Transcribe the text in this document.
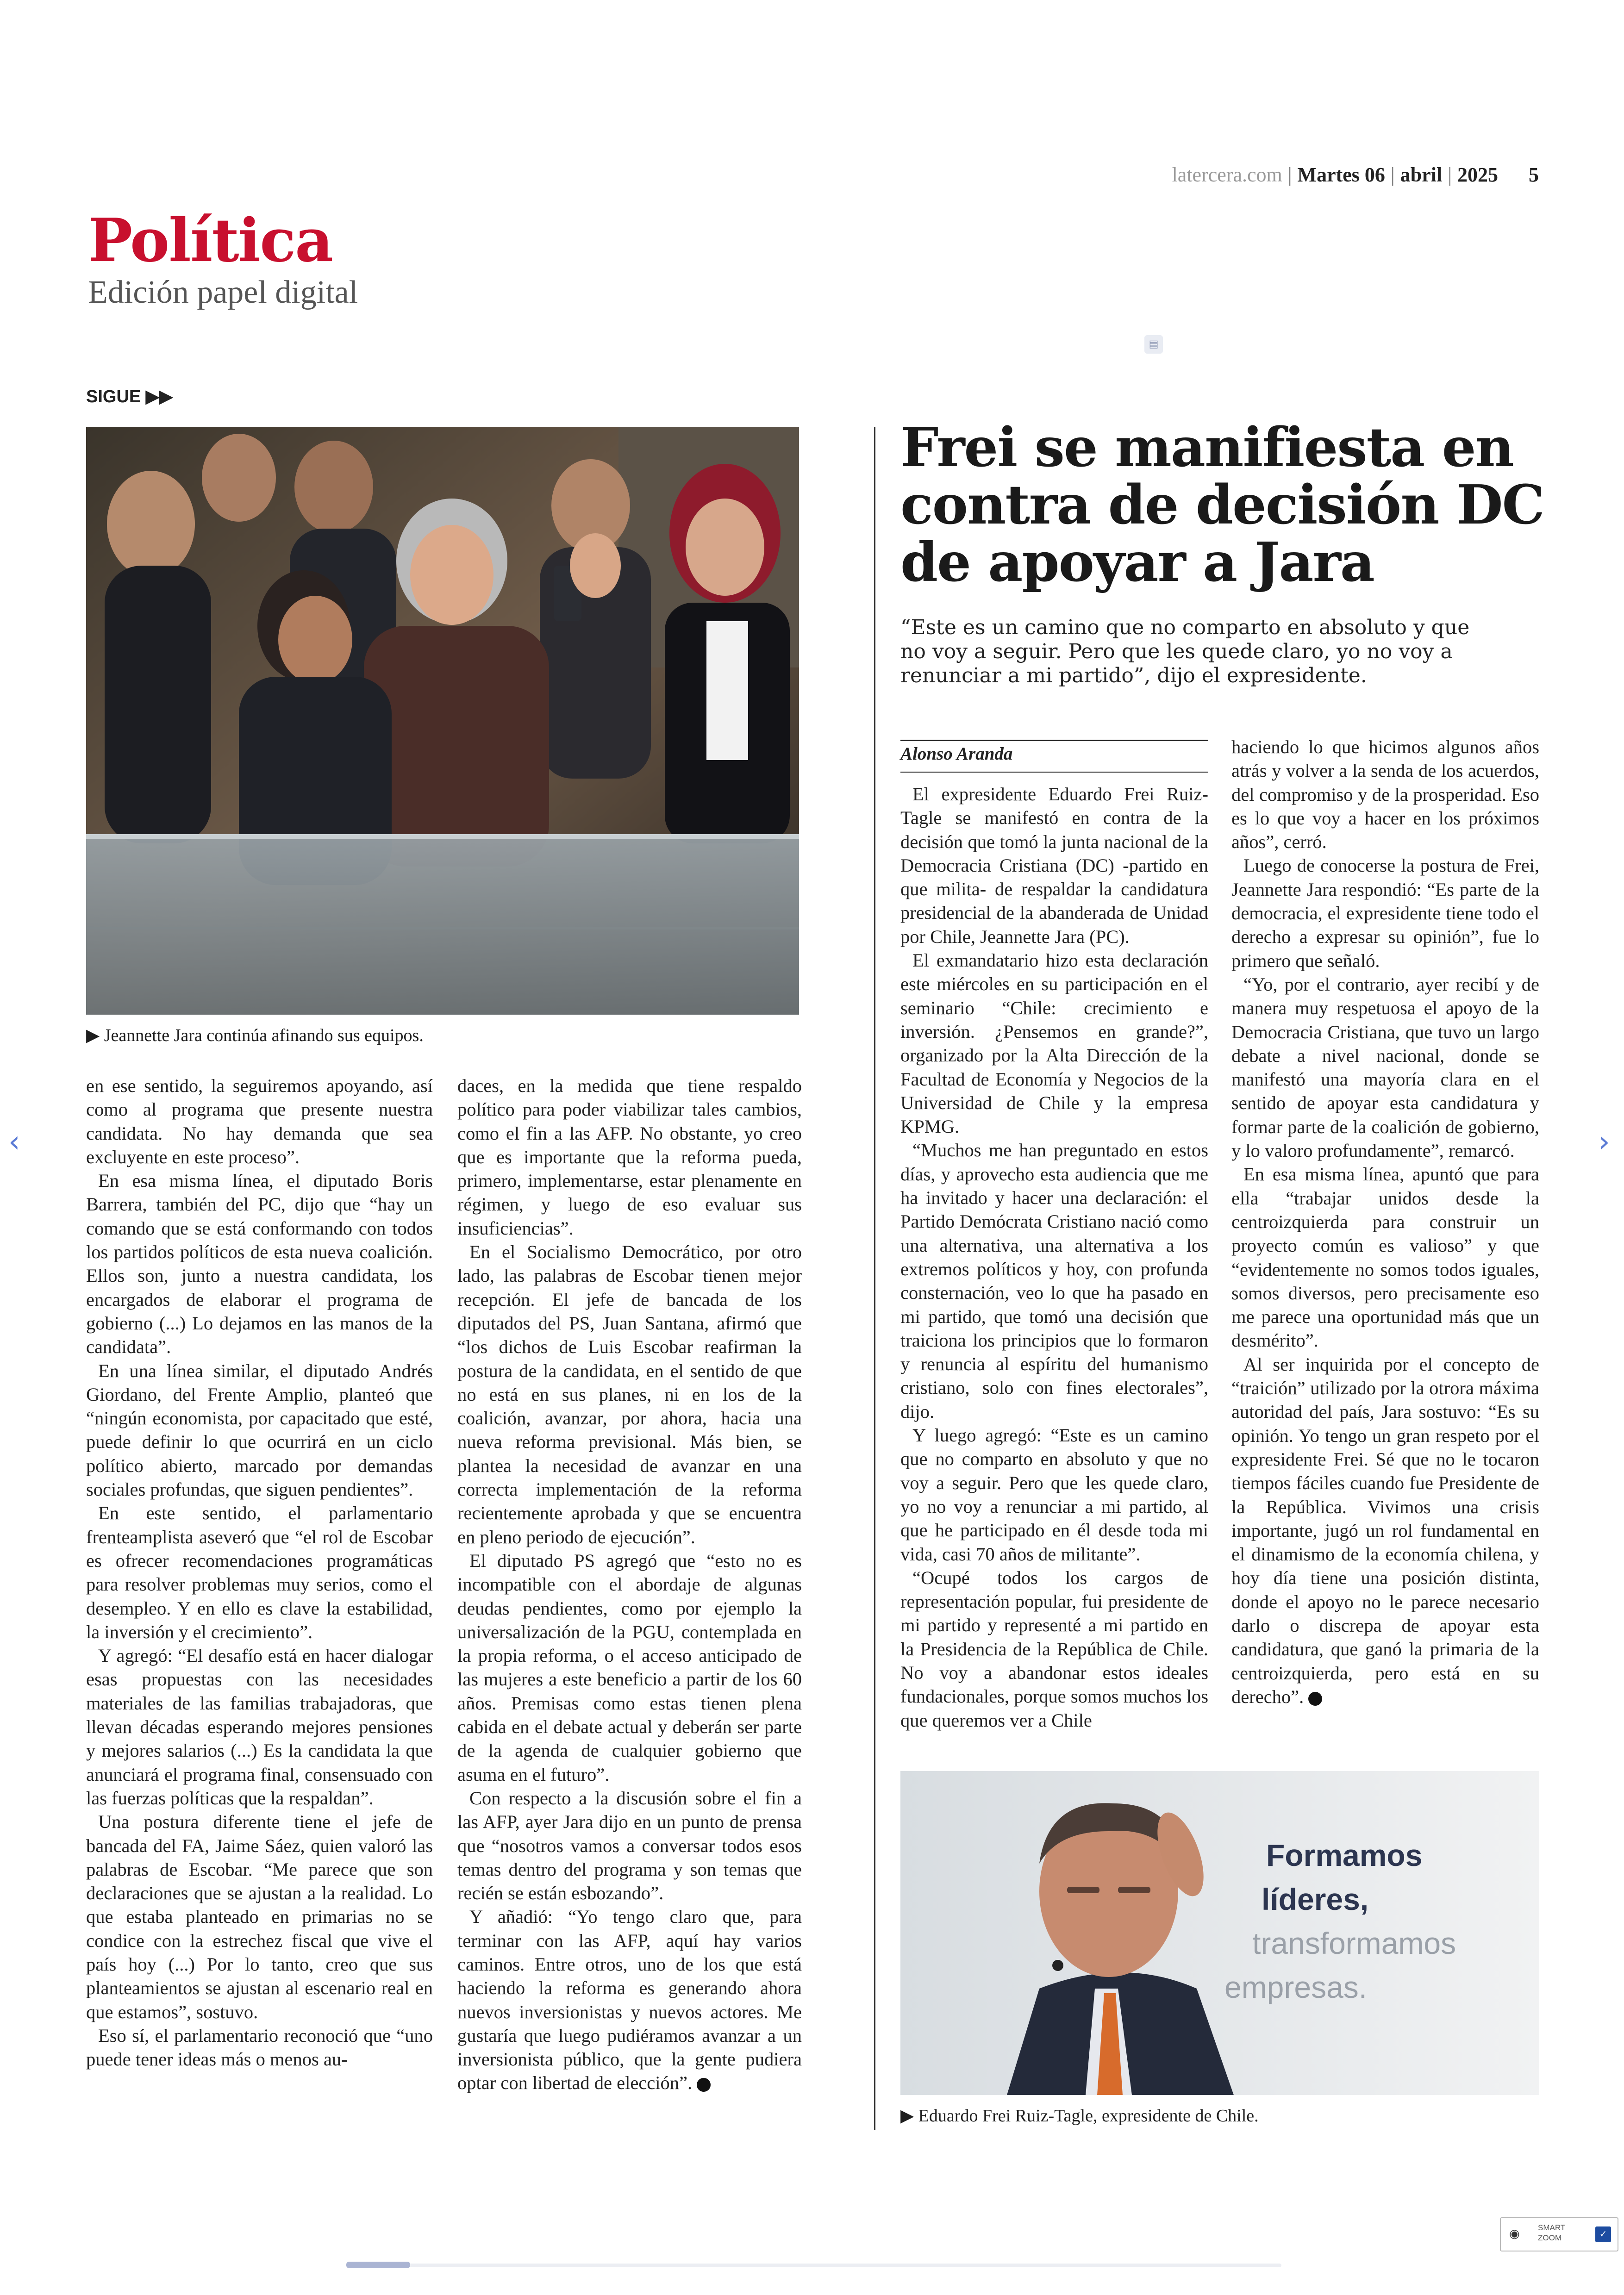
latercera.com | Martes 06 | abril | 2025 5
Política
Edición papel digital
SIGUE ▶▶
▤
▶ Jeannette Jara continúa afinando sus equipos.

en ese sentido, la seguiremos apoyando, así como al programa que presente nuestra candidata. No hay demanda que sea excluyente en este proceso”.

En esa misma línea, el diputado Boris Barrera, también del PC, dijo que “hay un comando que se está conformando con todos los partidos políticos de esta nueva coalición. Ellos son, junto a nuestra candidata, los encargados de elaborar el programa de gobierno (...) Lo dejamos en las manos de la candidata”.

En una línea similar, el diputado Andrés Giordano, del Frente Amplio, planteó que “ningún economista, por capacitado que esté, puede definir lo que ocurrirá en un ciclo político abierto, marcado por demandas sociales profundas, que siguen pendientes”.

En este sentido, el parlamentario frenteamplista aseveró que “el rol de Escobar es ofrecer recomendaciones programáticas para resolver problemas muy serios, como el desempleo. Y en ello es clave la estabilidad, la inversión y el crecimiento”.

Y agregó: “El desafío está en hacer dialogar esas propuestas con las necesidades materiales de las familias trabajadoras, que llevan décadas esperando mejores pensiones y mejores salarios (...) Es la candidata la que anunciará el programa final, consensuado con las fuerzas políticas que la respaldan”.

Una postura diferente tiene el jefe de bancada del FA, Jaime Sáez, quien valoró las palabras de Escobar. “Me parece que son declaraciones que se ajustan a la realidad. Lo que estaba planteado en primarias no se condice con la estrechez fiscal que vive el país hoy (...) Por lo tanto, creo que sus planteamientos se ajustan al escenario real en que estamos”, sostuvo.

Eso sí, el parlamentario reconoció que “uno puede tener ideas más o menos au-

daces, en la medida que tiene respaldo político para poder viabilizar tales cambios, como el fin a las AFP. No obstante, yo creo que es importante que la reforma pueda, primero, implementarse, estar plenamente en régimen, y luego de eso evaluar sus insuficiencias”.

En el Socialismo Democrático, por otro lado, las palabras de Escobar tienen mejor recepción. El jefe de bancada de los diputados del PS, Juan Santana, afirmó que “los dichos de Luis Escobar reafirman la postura de la candidata, en el sentido de que no está en sus planes, ni en los de la coalición, avanzar, por ahora, hacia una nueva reforma previsional. Más bien, se plantea la necesidad de avanzar en una correcta implementación de la reforma recientemente aprobada y que se encuentra en pleno periodo de ejecución”.

El diputado PS agregó que “esto no es incompatible con el abordaje de algunas deudas pendientes, como por ejemplo la universalización de la PGU, contemplada en la propia reforma, o el acceso anticipado de las mujeres a este beneficio a partir de los 60 años. Premisas como estas tienen plena cabida en el debate actual y deberán ser parte de la agenda de cualquier gobierno que asuma en el futuro”.

Con respecto a la discusión sobre el fin a las AFP, ayer Jara dijo en un punto de prensa que “nosotros vamos a conversar todos esos temas dentro del programa y son temas que recién se están esbozando”.

Y añadió: “Yo tengo claro que, para terminar con las AFP, aquí hay varios caminos. Entre otros, uno de los que está haciendo la reforma es generando ahora nuevos inversionistas y nuevos actores. Me gustaría que luego pudiéramos avanzar a un inversionista público, que la gente pudiera optar con libertad de elección”.

Frei se manifiesta en contra de decisión DC de apoyar a Jara
“Este es un camino que no comparto en absoluto y que no voy a seguir. Pero que les quede claro, yo no voy a renunciar a mi partido”, dijo el expresidente.
Alonso Aranda

El expresidente Eduardo Frei Ruiz-Tagle se manifestó en contra de la decisión que tomó la junta nacional de la Democracia Cristiana (DC) -partido en que milita- de respaldar la candidatura presidencial de la abanderada de Unidad por Chile, Jeannette Jara (PC).

El exmandatario hizo esta declaración este miércoles en su participación en el seminario “Chile: crecimiento e inversión. ¿Pensemos en grande?”, organizado por la Alta Dirección de la Facultad de Economía y Negocios de la Universidad de Chile y la empresa KPMG.

“Muchos me han preguntado en estos días, y aprovecho esta audiencia que me ha invitado y hacer una declaración: el Partido Demócrata Cristiano nació como una alternativa, una alternativa a los extremos políticos y hoy, con profunda consternación, veo lo que ha pasado en mi partido, que tomó una decisión que traiciona los principios que lo formaron y renuncia al espíritu del humanismo cristiano, solo con fines electorales”, dijo.

Y luego agregó: “Este es un camino que no comparto en absoluto y que no voy a seguir. Pero que les quede claro, yo no voy a renunciar a mi partido, al que he participado en él desde toda mi vida, casi 70 años de militante”.

“Ocupé todos los cargos de representación popular, fui presidente de mi partido y representé a mi partido en la Presidencia de la República de Chile. No voy a abandonar estos ideales fundacionales, porque somos muchos los que queremos ver a Chile

haciendo lo que hicimos algunos años atrás y volver a la senda de los acuerdos, del compromiso y de la prosperidad. Eso es lo que voy a hacer en los próximos años”, cerró.

Luego de conocerse la postura de Frei, Jeannette Jara respondió: “Es parte de la democracia, el expresidente tiene todo el derecho a expresar su opinión”, fue lo primero que señaló.

“Yo, por el contrario, ayer recibí y de manera muy respetuosa el apoyo de la Democracia Cristiana, que tuvo un largo debate a nivel nacional, donde se manifestó una mayoría clara en el sentido de apoyar esta candidatura y formar parte de la coalición de gobierno, y lo valoro profundamente”, remarcó.

En esa misma línea, apuntó que para ella “trabajar unidos desde la centroizquierda para construir un proyecto común es valioso” y que “evidentemente no somos todos iguales, somos diversos, pero precisamente eso me parece una oportunidad más que un desmérito”.

Al ser inquirida por el concepto de “traición” utilizado por la otrora máxima autoridad del país, Jara sostuvo: “Es su opinión. Yo tengo un gran respeto por el expresidente Frei. Sé que no le tocaron tiempos fáciles cuando fue Presidente de la República. Vivimos una crisis importante, jugó un rol fundamental en el dinamismo de la economía chilena, y hoy día tiene una posición distinta, donde el apoyo no le parece necesario darlo o discrepa de apoyar esta candidatura, que ganó la primaria de la centroizquierda, pero está en su derecho”.

Formamos
líderes,
transformamos
empresas.
▶ Eduardo Frei Ruiz-Tagle, expresidente de Chile.
‹	›
◉ SMART
ZOOM	✓
